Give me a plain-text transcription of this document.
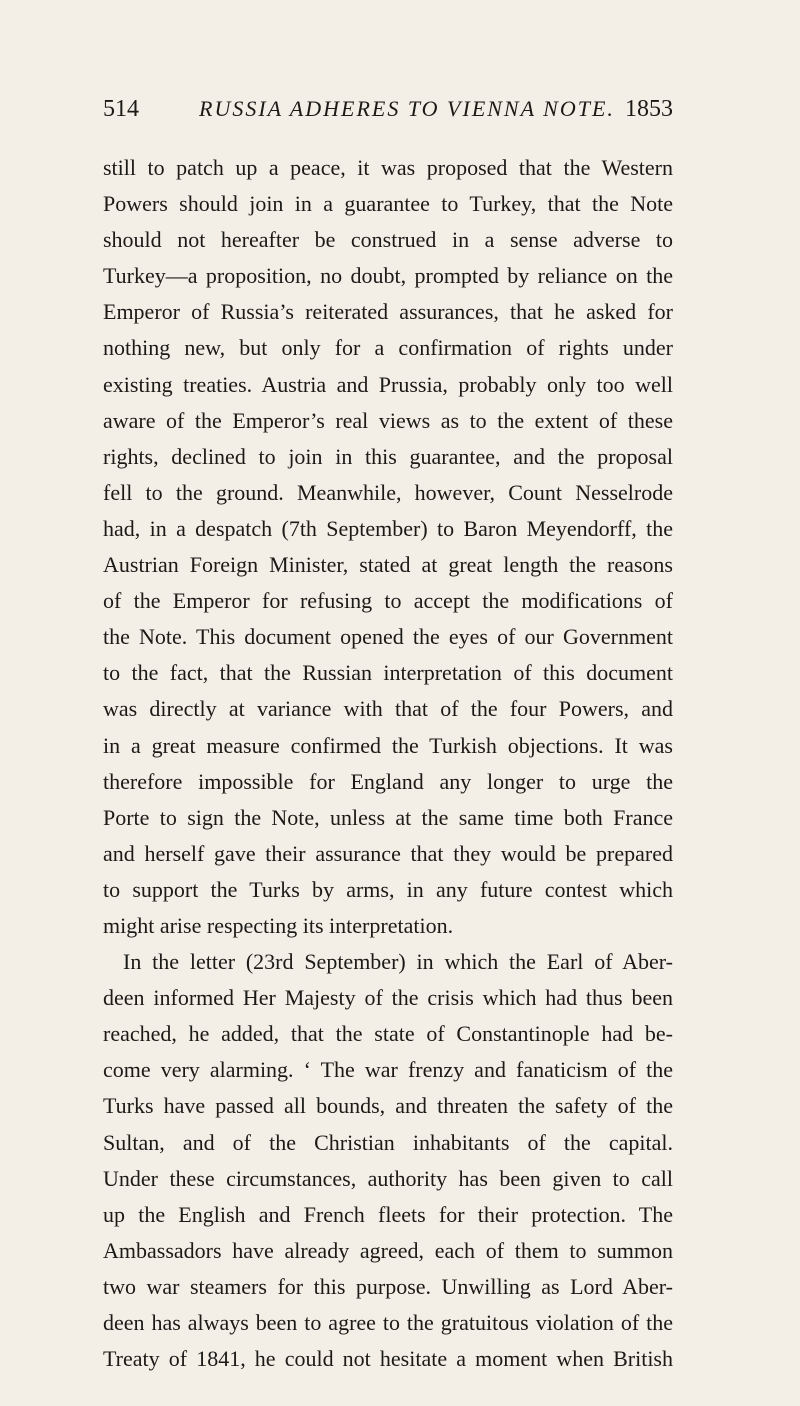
514	RUSSIA ADHERES TO VIENNA NOTE. 1853
still to patch up a peace, it was proposed that the Western
Powers should join in a guarantee to Turkey, that the Note
should not hereafter be construed in a sense adverse to
Turkey—a proposition, no doubt, prompted by reliance on the
Emperor of Russia’s reiterated assurances, that he asked for
nothing new, but only for a confirmation of rights under
existing treaties. Austria and Prussia, probably only too well
aware of the Emperor’s real views as to the extent of these
rights, declined to join in this guarantee, and the proposal
fell to the ground. Meanwhile, however, Count Nesselrode
had, in a despatch (7th September) to Baron Meyendorff, the
Austrian Foreign Minister, stated at great length the reasons
of the Emperor for refusing to accept the modifications of
the Note. This document opened the eyes of our Government
to the fact, that the Russian interpretation of this document
was directly at variance with that of the four Powers, and
in a great measure confirmed the Turkish objections. It was
therefore impossible for England any longer to urge the
Porte to sign the Note, unless at the same time both France
and herself gave their assurance that they would be prepared
to support the Turks by arms, in any future contest which
might arise respecting its interpretation.
In the letter (23rd September) in which the Earl of Aber-
deen informed Her Majesty of the crisis which had thus been
reached, he added, that the state of Constantinople had be-
come very alarming. ‘ The war frenzy and fanaticism of the
Turks have passed all bounds, and threaten the safety of the
Sultan, and of the Christian inhabitants of the capital.
Under these circumstances, authority has been given to call
up the English and French fleets for their protection. The
Ambassadors have already agreed, each of them to summon
two war steamers for this purpose. Unwilling as Lord Aber-
deen has always been to agree to the gratuitous violation of the
Treaty of 1841, he could not hesitate a moment when British
